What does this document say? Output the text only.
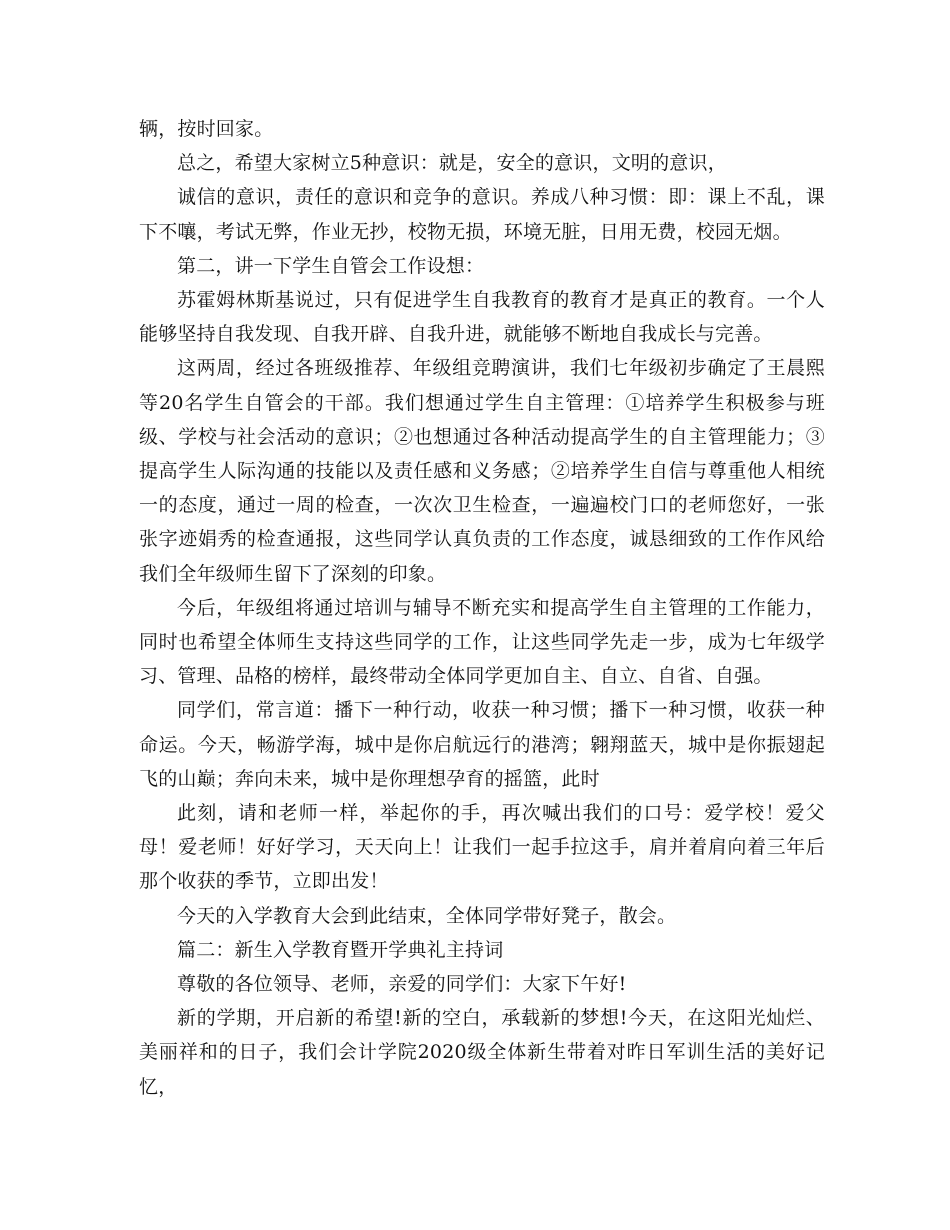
辆，按时回家。

总之，希望大家树立5种意识：就是，安全的意识，文明的意识，

诚信的意识，责任的意识和竞争的意识。养成八种习惯：即：课上不乱，课下不嚷，考试无弊，作业无抄，校物无损，环境无脏，日用无费，校园无烟。

第二，讲一下学生自管会工作设想：

苏霍姆林斯基说过，只有促进学生自我教育的教育才是真正的教育。一个人能够坚持自我发现、自我开辟、自我升进，就能够不断地自我成长与完善。

这两周，经过各班级推荐、年级组竞聘演讲，我们七年级初步确定了王晨熙等20名学生自管会的干部。我们想通过学生自主管理：①培养学生积极参与班级、学校与社会活动的意识；②也想通过各种活动提高学生的自主管理能力；③提高学生人际沟通的技能以及责任感和义务感；②培养学生自信与尊重他人相统一的态度，通过一周的检查，一次次卫生检查，一遍遍校门口的老师您好，一张张字迹娟秀的检查通报，这些同学认真负责的工作态度，诚恳细致的工作作风给我们全年级师生留下了深刻的印象。

今后，年级组将通过培训与辅导不断充实和提高学生自主管理的工作能力，同时也希望全体师生支持这些同学的工作，让这些同学先走一步，成为七年级学习、管理、品格的榜样，最终带动全体同学更加自主、自立、自省、自强。

同学们，常言道：播下一种行动，收获一种习惯；播下一种习惯，收获一种命运。今天，畅游学海，城中是你启航远行的港湾；翱翔蓝天，城中是你振翅起飞的山巅；奔向未来，城中是你理想孕育的摇篮，此时

此刻，请和老师一样，举起你的手，再次喊出我们的口号：爱学校！爱父母！爱老师！好好学习，天天向上！让我们一起手拉这手，肩并着肩向着三年后那个收获的季节，立即出发！

今天的入学教育大会到此结束，全体同学带好凳子，散会。

篇二：新生入学教育暨开学典礼主持词

尊敬的各位领导、老师，亲爱的同学们：大家下午好!

新的学期，开启新的希望!新的空白，承载新的梦想!今天，在这阳光灿烂、美丽祥和的日子，我们会计学院2020级全体新生带着对昨日军训生活的美好记忆，
